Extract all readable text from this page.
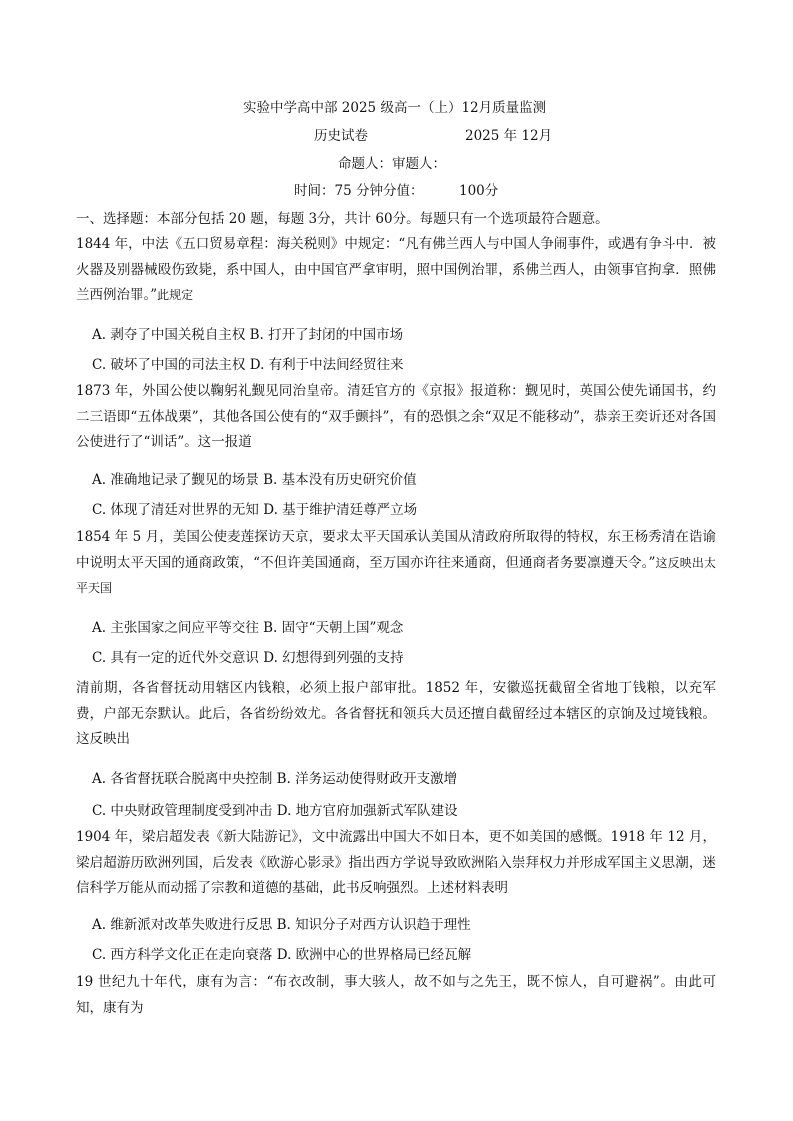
实验中学高中部 2025 级高一（上）12月质量监测
历史试卷	2025 年 12月
命题人：审题人：
时间：75 分钟分值：	100分
一、选择题：本部分包括 20 题，每题 3分，共计 60分。每题只有一个选项最符合题意。
1844 年，中法《五口贸易章程：海关税则》中规定：“凡有佛兰西人与中国人争闹事件，或遇有争斗中．被火器及别器械殴伤致毙，系中国人，由中国官严拿审明，照中国例治罪，系佛兰西人，由领事官拘拿．照佛兰西例治罪。”此规定
A. 剥夺了中国关税自主权 B. 打开了封闭的中国市场
C. 破坏了中国的司法主权 D. 有利于中法间经贸往来
1873 年，外国公使以鞠躬礼觐见同治皇帝。清廷官方的《京报》报道称：觐见时，英国公使先诵国书，约二三语即“五体战栗”，其他各国公使有的“双手颤抖”，有的恐惧之余“双足不能移动”，恭亲王奕䜣还对各国公使进行了“训话”。这一报道
A. 准确地记录了觐见的场景 B. 基本没有历史研究价值
C. 体现了清廷对世界的无知 D. 基于维护清廷尊严立场
1854 年 5 月，美国公使麦莲探访天京，要求太平天国承认美国从清政府所取得的特权，东王杨秀清在诰谕中说明太平天国的通商政策，“不但许美国通商，至万国亦许往来通商，但通商者务要凛遵天令。”这反映出太平天国
A. 主张国家之间应平等交往 B. 固守“天朝上国”观念
C. 具有一定的近代外交意识 D. 幻想得到列强的支持
清前期，各省督抚动用辖区内钱粮，必须上报户部审批。1852 年，安徽巡抚截留全省地丁钱粮，以充军费，户部无奈默认。此后，各省纷纷效尤。各省督抚和领兵大员还擅自截留经过本辖区的京饷及过境钱粮。这反映出
A. 各省督抚联合脱离中央控制 B. 洋务运动使得财政开支激增
C. 中央财政管理制度受到冲击 D. 地方官府加强新式军队建设
1904 年，梁启超发表《新大陆游记》，文中流露出中国大不如日本，更不如美国的感慨。1918 年 12 月，梁启超游历欧洲列国，后发表《欧游心影录》指出西方学说导致欧洲陷入崇拜权力并形成军国主义思潮，迷信科学万能从而动摇了宗教和道德的基础，此书反响强烈。上述材料表明
A. 维新派对改革失败进行反思 B. 知识分子对西方认识趋于理性
C. 西方科学文化正在走向衰落 D. 欧洲中心的世界格局已经瓦解
19 世纪九十年代，康有为言：“布衣改制，事大骇人，故不如与之先王，既不惊人，自可避祸”。由此可知，康有为
